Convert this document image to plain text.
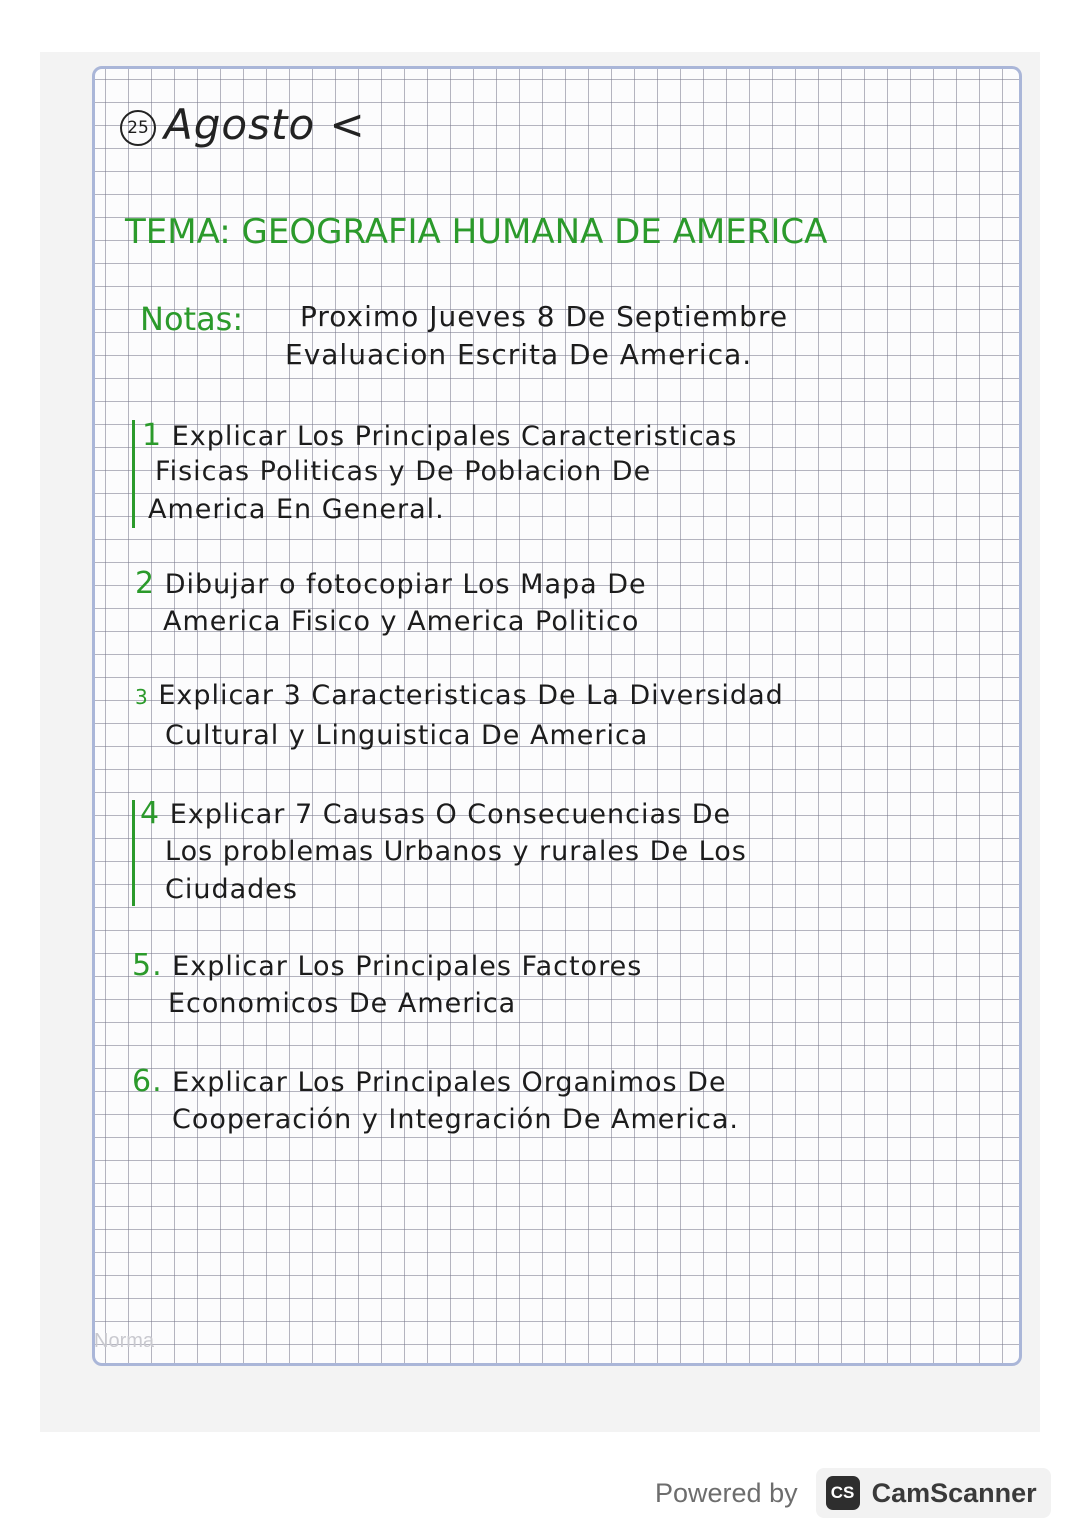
25 Agosto <
TEMA: GEOGRAFIA HUMANA DE AMERICA
Notas: Proximo Jueves 8 De Septiembre
Evaluacion Escrita De America.
1 Explicar Los Principales Caracteristicas
Fisicas Politicas y De Poblacion De
America En General.
2 Dibujar o fotocopiar Los Mapa De
America Fisico y America Politico
3 Explicar 3 Caracteristicas De La Diversidad
Cultural y Linguistica De America
4 Explicar 7 Causas O Consecuencias De
Los problemas Urbanos y rurales De Los
Ciudades
5. Explicar Los Principales Factores
Economicos De America
6. Explicar Los Principales Organimos De
Cooperación y Integración De America.
Norma
Powered by	CS CamScanner
